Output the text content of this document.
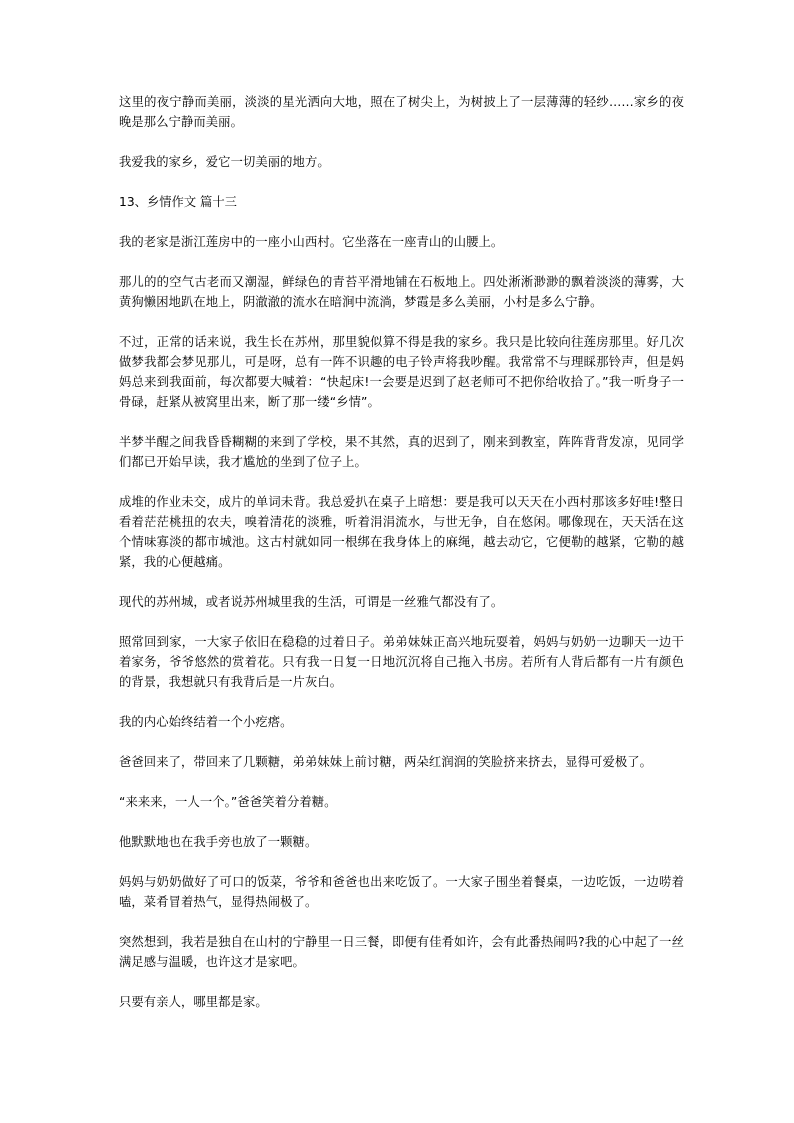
这里的夜宁静而美丽，淡淡的星光洒向大地，照在了树尖上，为树披上了一层薄薄的轻纱……家乡的夜晚是那么宁静而美丽。

我爱我的家乡，爱它一切美丽的地方。

13、乡情作文 篇十三

我的老家是浙江莲房中的一座小山西村。它坐落在一座青山的山腰上。

那儿的的空气古老而又潮湿，鲜绿色的青苔平滑地铺在石板地上。四处淅淅渺渺的飘着淡淡的薄雾，大黄狗懒困地趴在地上，阴澈澈的流水在暗涧中流淌，梦霞是多么美丽，小村是多么宁静。

不过，正常的话来说，我生长在苏州，那里貌似算不得是我的家乡。我只是比较向往莲房那里。好几次做梦我都会梦见那儿，可是呀，总有一阵不识趣的电子铃声将我吵醒。我常常不与理睬那铃声，但是妈妈总来到我面前，每次都要大喊着：“快起床!一会要是迟到了赵老师可不把你给收拾了。”我一听身子一骨碌，赶紧从被窝里出来，断了那一缕“乡情”。

半梦半醒之间我昏昏糊糊的来到了学校，果不其然，真的迟到了，刚来到教室，阵阵背背发凉，见同学们都已开始早读，我才尴尬的坐到了位子上。

成堆的作业未交，成片的单词未背。我总爱扒在桌子上暗想：要是我可以天天在小西村那该多好哇!整日看着茫茫桃扭的农夫，嗅着清花的淡雅，听着涓涓流水，与世无争，自在悠闲。哪像现在，天天活在这个情味寡淡的都市城池。这古村就如同一根绑在我身体上的麻绳，越去动它，它便勒的越紧，它勒的越紧，我的心便越痛。

现代的苏州城，或者说苏州城里我的生活，可谓是一丝雅气都没有了。

照常回到家，一大家子依旧在稳稳的过着日子。弟弟妹妹正高兴地玩耍着，妈妈与奶奶一边聊天一边干着家务，爷爷悠然的赏着花。只有我一日复一日地沉沉将自己拖入书房。若所有人背后都有一片有颜色的背景，我想就只有我背后是一片灰白。

我的内心始终结着一个小疙瘩。

爸爸回来了，带回来了几颗糖，弟弟妹妹上前讨糖，两朵红润润的笑脸挤来挤去，显得可爱极了。

“来来来，一人一个。”爸爸笑着分着糖。

他默默地也在我手旁也放了一颗糖。

妈妈与奶奶做好了可口的饭菜，爷爷和爸爸也出来吃饭了。一大家子围坐着餐桌，一边吃饭，一边唠着嗑，菜肴冒着热气，显得热闹极了。

突然想到，我若是独自在山村的宁静里一日三餐，即便有佳肴如许，会有此番热闹吗?我的心中起了一丝满足感与温暖，也许这才是家吧。

只要有亲人，哪里都是家。
